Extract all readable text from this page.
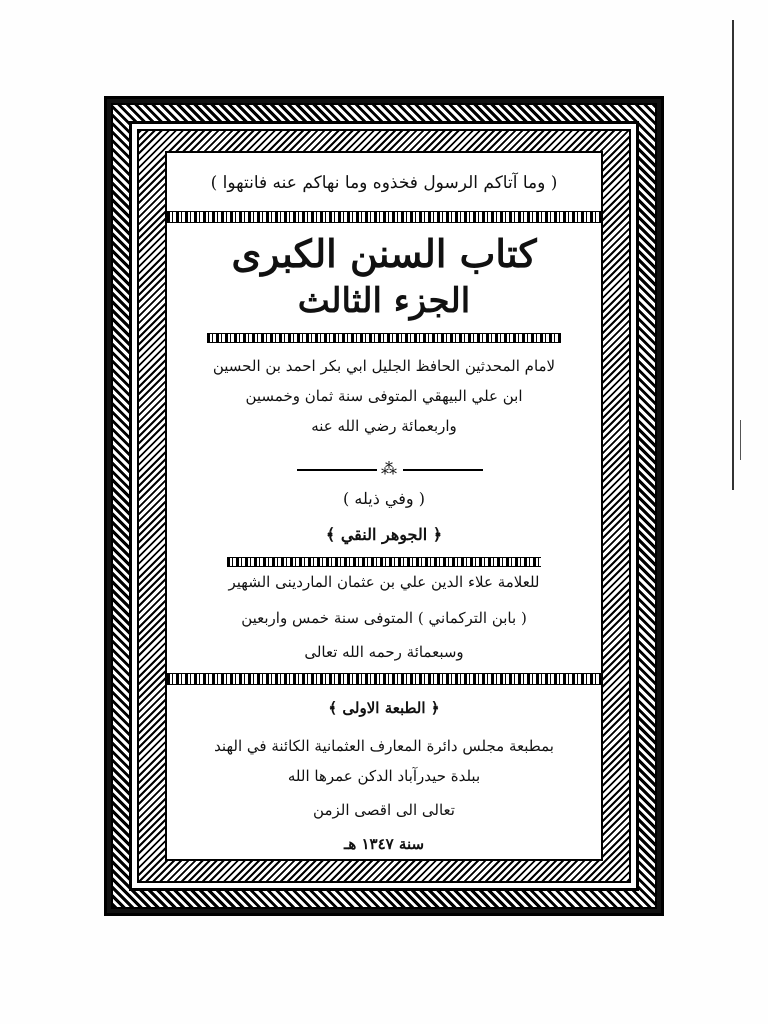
( وما آتاكم الرسول فخذوه وما نهاكم عنه فانتهوا )
كتاب السنن الكبرى
الجزء الثالث
لامام المحدثين الحافظ الجليل ابي بكر احمد بن الحسين
ابن علي البيهقي المتوفى سنة ثمان وخمسين
واربعمائة رضي الله عنه
⁂
( وفي ذيله )
﴿ الجوهر النقي ﴾
للعلامة علاء الدين علي بن عثمان الماردینی الشهير
( بابن التركماني ) المتوفى سنة خمس واربعين
وسبعمائة رحمه الله تعالى
﴿ الطبعة الاولى ﴾
بمطبعة مجلس دائرة المعارف العثمانية الكائنة في الهند
ببلدة حيدرآباد الدكن عمرها الله
تعالى الى اقصى الزمن
سنة ١٣٤٧ هـ
